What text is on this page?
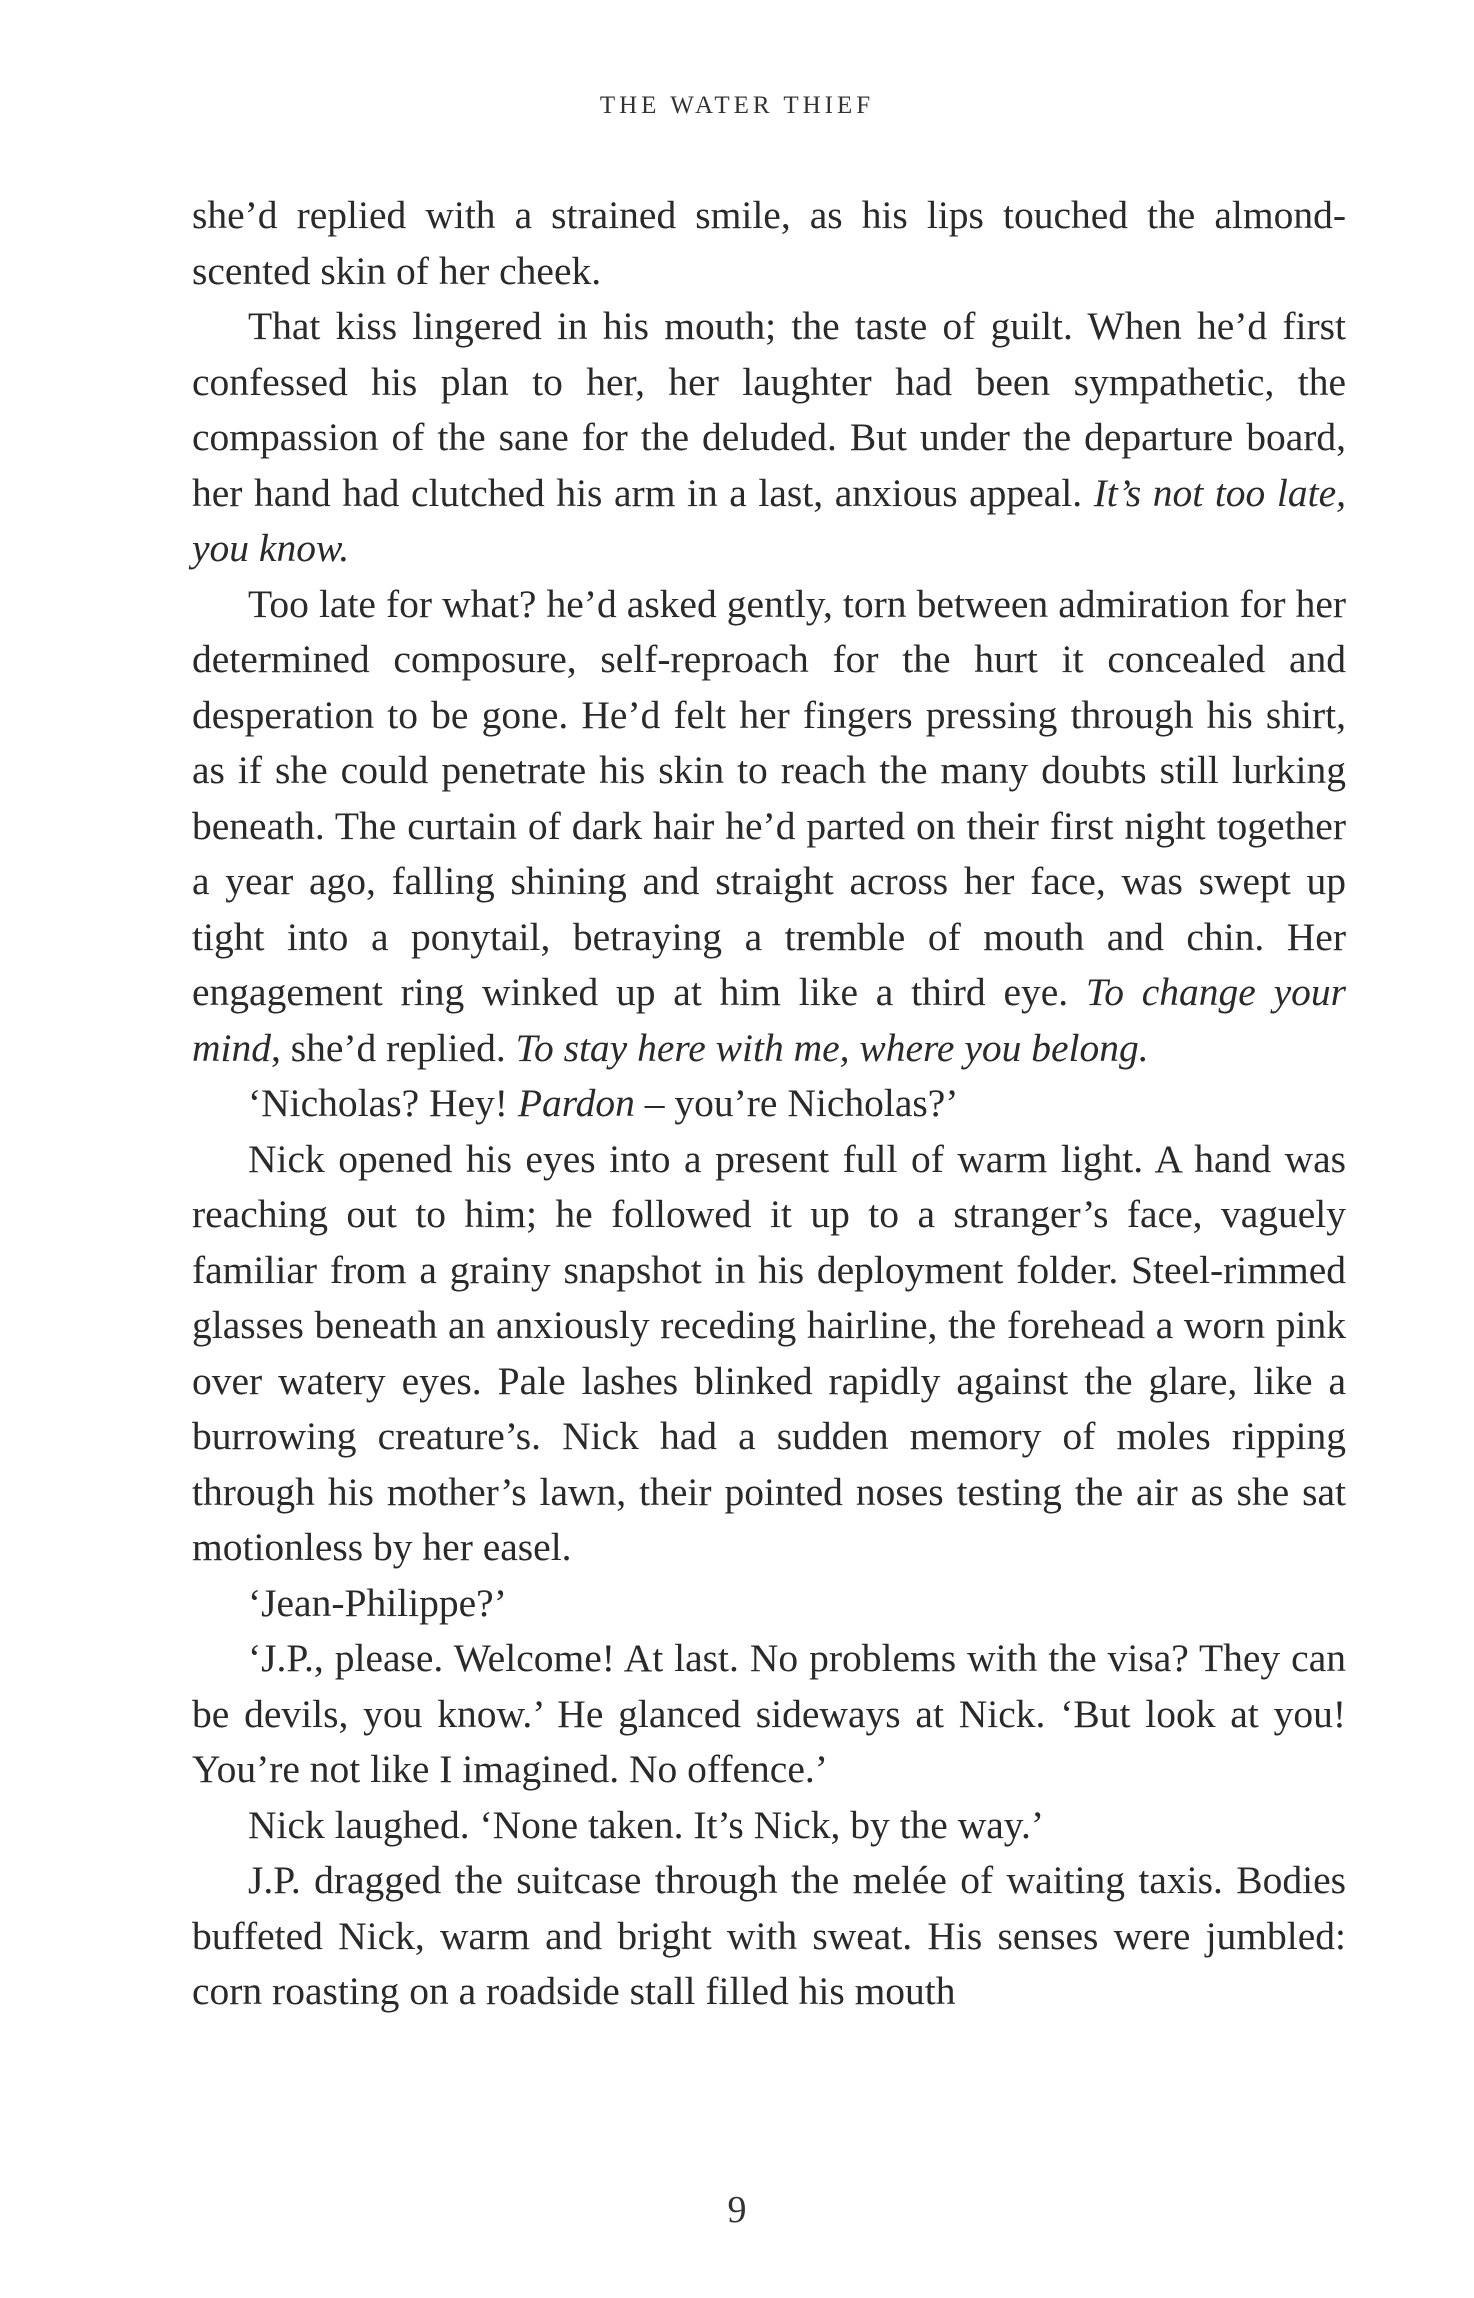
THE WATER THIEF

she’d replied with a strained smile, as his lips touched the almond-scented skin of her cheek.

That kiss lingered in his mouth; the taste of guilt. When he’d first confessed his plan to her, her laughter had been sympathetic, the compassion of the sane for the deluded. But under the departure board, her hand had clutched his arm in a last, anxious appeal. It’s not too late, you know.

Too late for what? he’d asked gently, torn between admiration for her determined composure, self-reproach for the hurt it concealed and desperation to be gone. He’d felt her fingers pressing through his shirt, as if she could penetrate his skin to reach the many doubts still lurking beneath. The curtain of dark hair he’d parted on their first night together a year ago, falling shining and straight across her face, was swept up tight into a ponytail, betraying a tremble of mouth and chin. Her engagement ring winked up at him like a third eye. To change your mind, she’d replied. To stay here with me, where you belong.

‘Nicholas? Hey! Pardon – you’re Nicholas?’

Nick opened his eyes into a present full of warm light. A hand was reaching out to him; he followed it up to a stranger’s face, vaguely familiar from a grainy snapshot in his deployment folder. Steel-rimmed glasses beneath an anxiously receding hairline, the forehead a worn pink over watery eyes. Pale lashes blinked rapidly against the glare, like a burrowing creature’s. Nick had a sudden memory of moles ripping through his mother’s lawn, their pointed noses testing the air as she sat motionless by her easel.

‘Jean-Philippe?’

‘J.P., please. Welcome! At last. No problems with the visa? They can be devils, you know.’ He glanced sideways at Nick. ‘But look at you! You’re not like I imagined. No offence.’

Nick laughed. ‘None taken. It’s Nick, by the way.’

J.P. dragged the suitcase through the melée of waiting taxis. Bodies buffeted Nick, warm and bright with sweat. His senses were jumbled: corn roasting on a roadside stall filled his mouth

9
